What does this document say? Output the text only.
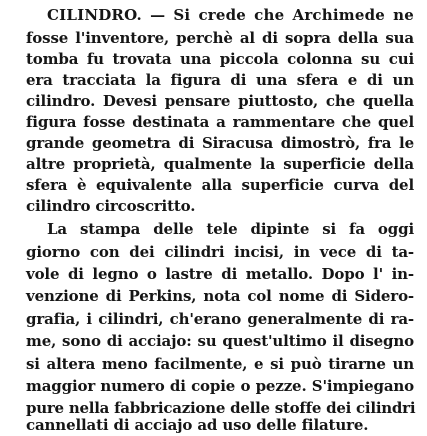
CILINDRO. — Si crede che Archimede ne
fosse l'inventore, perchè al di sopra della sua
tomba fu trovata una piccola colonna su cui
era tracciata la figura di una sfera e di un
cilindro. Devesi pensare piuttosto, che quella
figura fosse destinata a rammentare che quel
grande geometra di Siracusa dimostrò, fra le
altre proprietà, qualmente la superficie della
sfera è equivalente alla superficie curva del
cilindro circoscritto.
La stampa delle tele dipinte si fa oggi
giorno con dei cilindri incisi, in vece di ta-
vole di legno o lastre di metallo. Dopo l' in-
venzione di Perkins, nota col nome di Sidero-
grafia, i cilindri, ch'erano generalmente di ra-
me, sono di acciajo: su quest'ultimo il disegno
si altera meno facilmente, e si può tirarne un
maggior numero di copie o pezze. S'impiegano
pure nella fabbricazione delle stoffe dei cilindri
cannellati di acciajo ad uso delle filature.
